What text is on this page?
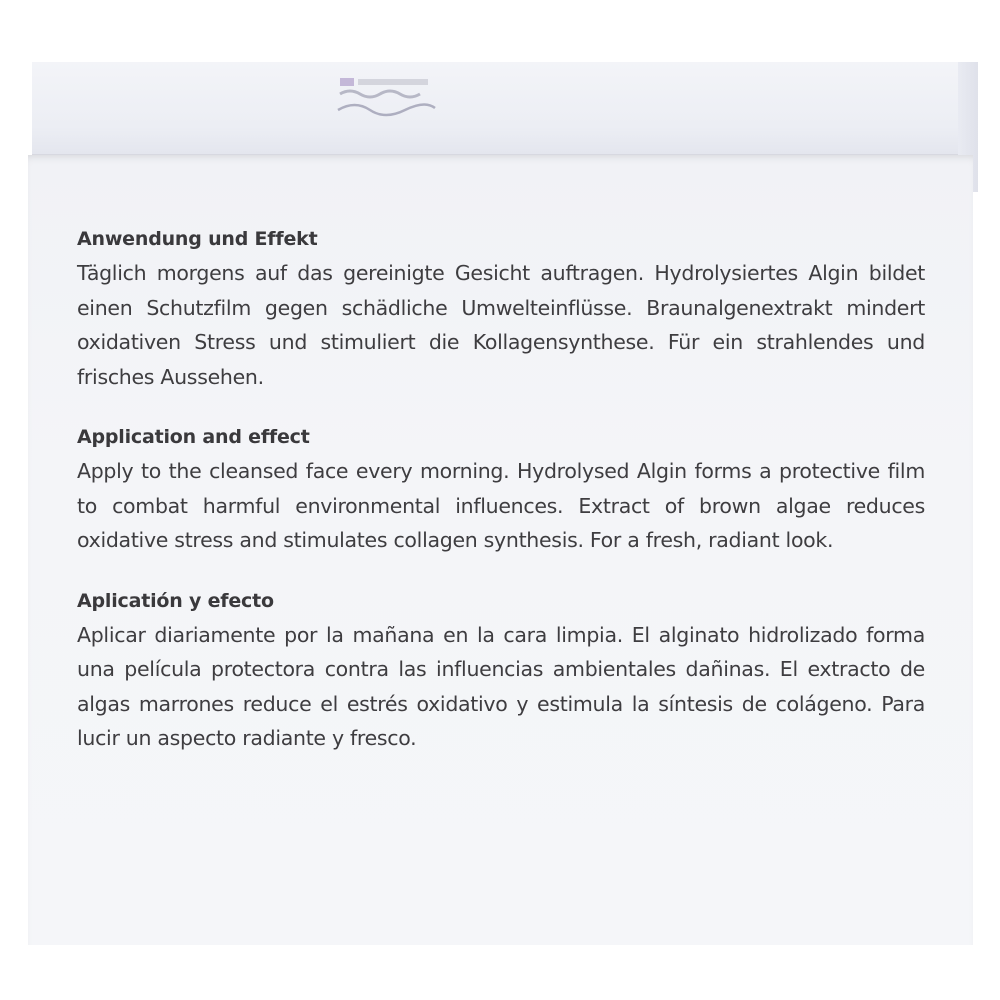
Anwendung und Effekt
Täglich morgens auf das gereinigte Gesicht auftragen. Hydrolysiertes Algin bildet einen Schutzfilm gegen schädliche Umwelteinflüsse. Braunalgenextrakt mindert oxidativen Stress und stimuliert die Kollagensynthese. Für ein strahlendes und frisches Aussehen.
Application and effect
Apply to the cleansed face every morning. Hydrolysed Algin forms a protective film to combat harmful environmental influences. Extract of brown algae reduces oxidative stress and stimulates collagen synthesis. For a fresh, radiant look.
Aplicatión y efecto
Aplicar diariamente por la mañana en la cara limpia. El alginato hidrolizado forma una película protectora contra las influencias ambientales dañinas. El extracto de algas marrones reduce el estrés oxidativo y estimula la síntesis de colágeno. Para lucir un aspecto radiante y fresco.
